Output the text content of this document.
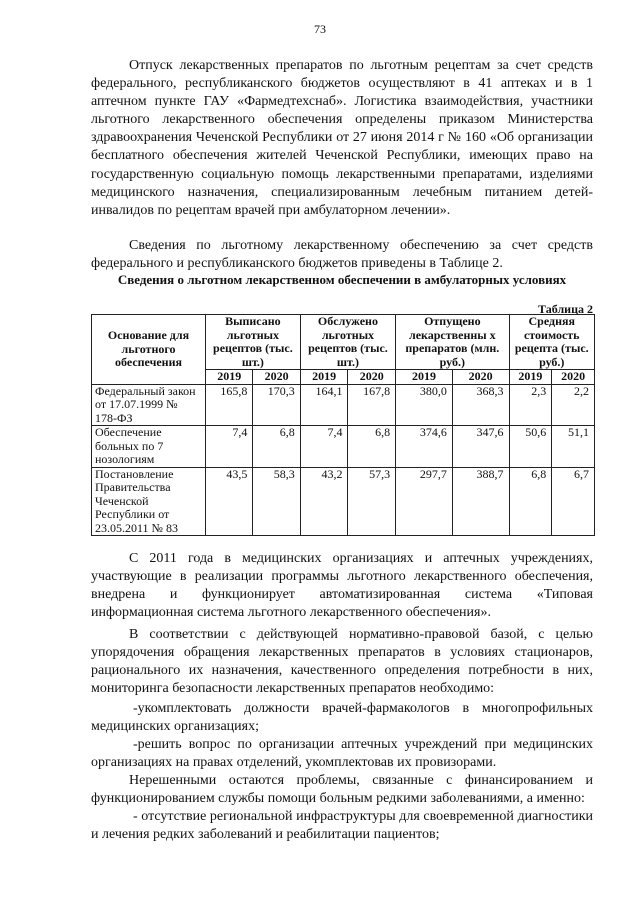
73
Отпуск лекарственных препаратов по льготным рецептам за счет средств федерального, республиканского бюджетов осуществляют в 41 аптеках и в 1 аптечном пункте ГАУ «Фармедтехснаб». Логистика взаимодействия, участники льготного лекарственного обеспечения определены приказом Министерства здравоохранения Чеченской Республики от 27 июня 2014 г № 160 «Об организации бесплатного обеспечения жителей Чеченской Республики, имеющих право на государственную социальную помощь лекарственными препаратами, изделиями медицинского назначения, специализированным лечебным питанием детей-инвалидов по рецептам врачей при амбулаторном лечении».
Сведения по льготному лекарственному обеспечению за счет средств федерального и республиканского бюджетов приведены в Таблице 2.
Сведения о льготном лекарственном обеспечении в амбулаторных условиях
Таблица 2
Основание для льготного обеспечения	Выписано льготных рецептов (тыс. шт.)		Обслужено льготных рецептов (тыс. шт.)		Отпущено лекарственны х препаратов (млн. руб.)		Средняя стоимость рецепта (тыс. руб.)	
	2019	2020	2019	2020	2019	2020	2019	2020
Федеральный закон от 17.07.1999 № 178-ФЗ	165,8	170,3	164,1	167,8	380,0	368,3	2,3	2,2
Обеспечение больных по 7 нозологиям	7,4	6,8	7,4	6,8	374,6	347,6	50,6	51,1
Постановление Правительства Чеченской Республики от 23.05.2011 № 83	43,5	58,3	43,2	57,3	297,7	388,7	6,8	6,7
С 2011 года в медицинских организациях и аптечных учреждениях, участвующие в реализации программы льготного лекарственного обеспечения, внедрена и функционирует автоматизированная система «Типовая информационная система льготного лекарственного обеспечения».
В соответствии с действующей нормативно-правовой базой, с целью упорядочения обращения лекарственных препаратов в условиях стационаров, рационального их назначения, качественного определения потребности в них, мониторинга безопасности лекарственных препаратов необходимо:
-укомплектовать должности врачей-фармакологов в многопрофильных медицинских организациях;
-решить вопрос по организации аптечных учреждений при медицинских организациях на правах отделений, укомплектовав их провизорами.
Нерешенными остаются проблемы, связанные с финансированием и функционированием службы помощи больным редкими заболеваниями, а именно:
- отсутствие региональной инфраструктуры для своевременной диагностики и лечения редких заболеваний и реабилитации пациентов;
